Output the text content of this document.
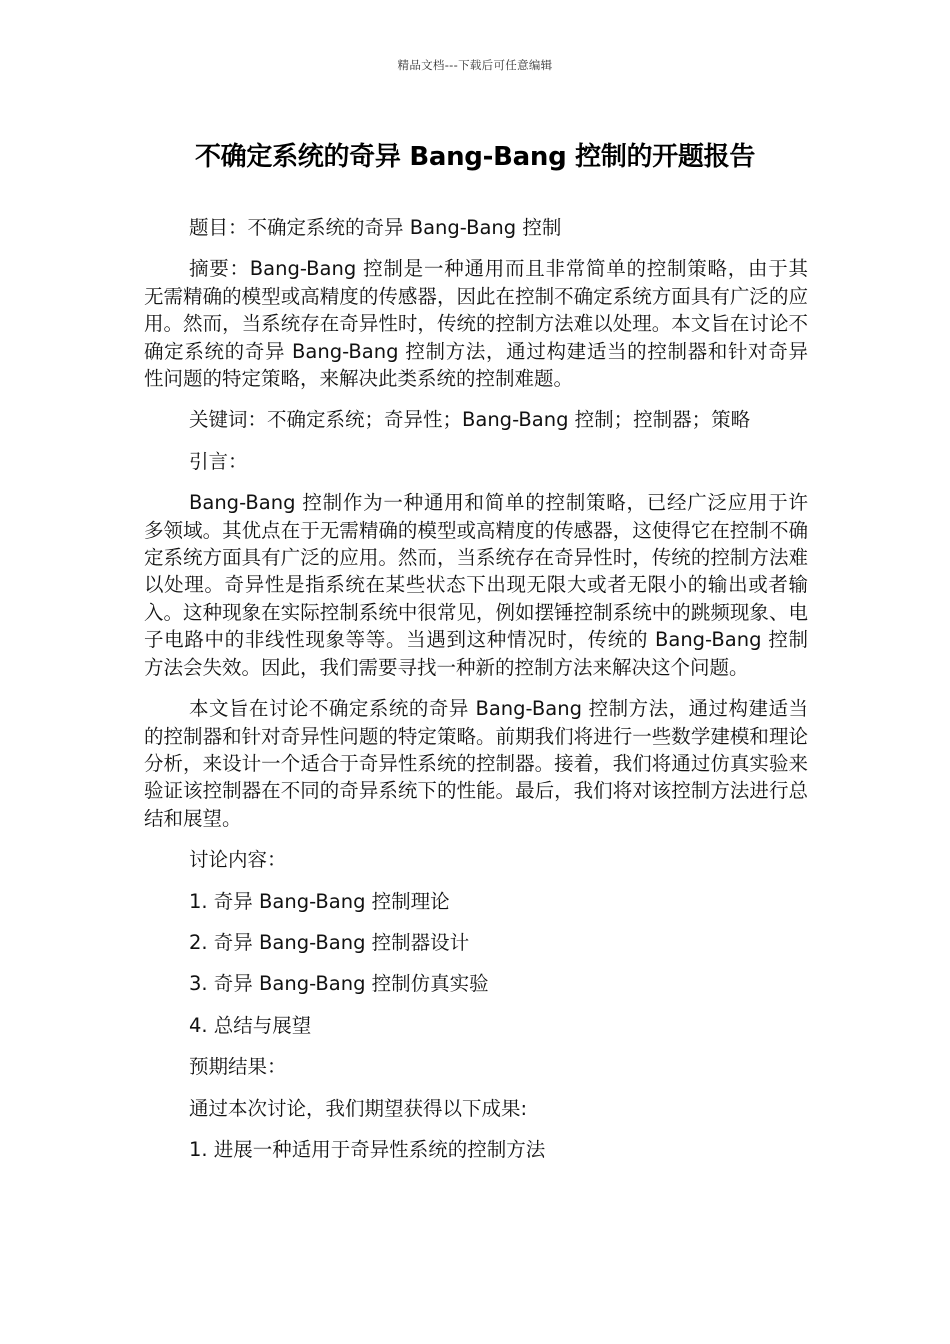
精品文档---下载后可任意编辑
不确定系统的奇异 Bang-Bang 控制的开题报告

题目：不确定系统的奇异 Bang-Bang 控制

摘要：Bang-Bang 控制是一种通用而且非常简单的控制策略，由于其无需精确的模型或高精度的传感器，因此在控制不确定系统方面具有广泛的应用。然而，当系统存在奇异性时，传统的控制方法难以处理。本文旨在讨论不确定系统的奇异 Bang-Bang 控制方法，通过构建适当的控制器和针对奇异性问题的特定策略，来解决此类系统的控制难题。

关键词：不确定系统；奇异性；Bang-Bang 控制；控制器；策略

引言：

Bang-Bang 控制作为一种通用和简单的控制策略，已经广泛应用于许多领域。其优点在于无需精确的模型或高精度的传感器，这使得它在控制不确定系统方面具有广泛的应用。然而，当系统存在奇异性时，传统的控制方法难以处理。奇异性是指系统在某些状态下出现无限大或者无限小的输出或者输入。这种现象在实际控制系统中很常见，例如摆锤控制系统中的跳频现象、电子电路中的非线性现象等等。当遇到这种情况时，传统的 Bang-Bang 控制方法会失效。因此，我们需要寻找一种新的控制方法来解决这个问题。

本文旨在讨论不确定系统的奇异 Bang-Bang 控制方法，通过构建适当的控制器和针对奇异性问题的特定策略。前期我们将进行一些数学建模和理论分析，来设计一个适合于奇异性系统的控制器。接着，我们将通过仿真实验来验证该控制器在不同的奇异系统下的性能。最后，我们将对该控制方法进行总结和展望。

讨论内容：

1. 奇异 Bang-Bang 控制理论

2. 奇异 Bang-Bang 控制器设计

3. 奇异 Bang-Bang 控制仿真实验

4. 总结与展望

预期结果：

通过本次讨论，我们期望获得以下成果:

1. 进展一种适用于奇异性系统的控制方法
